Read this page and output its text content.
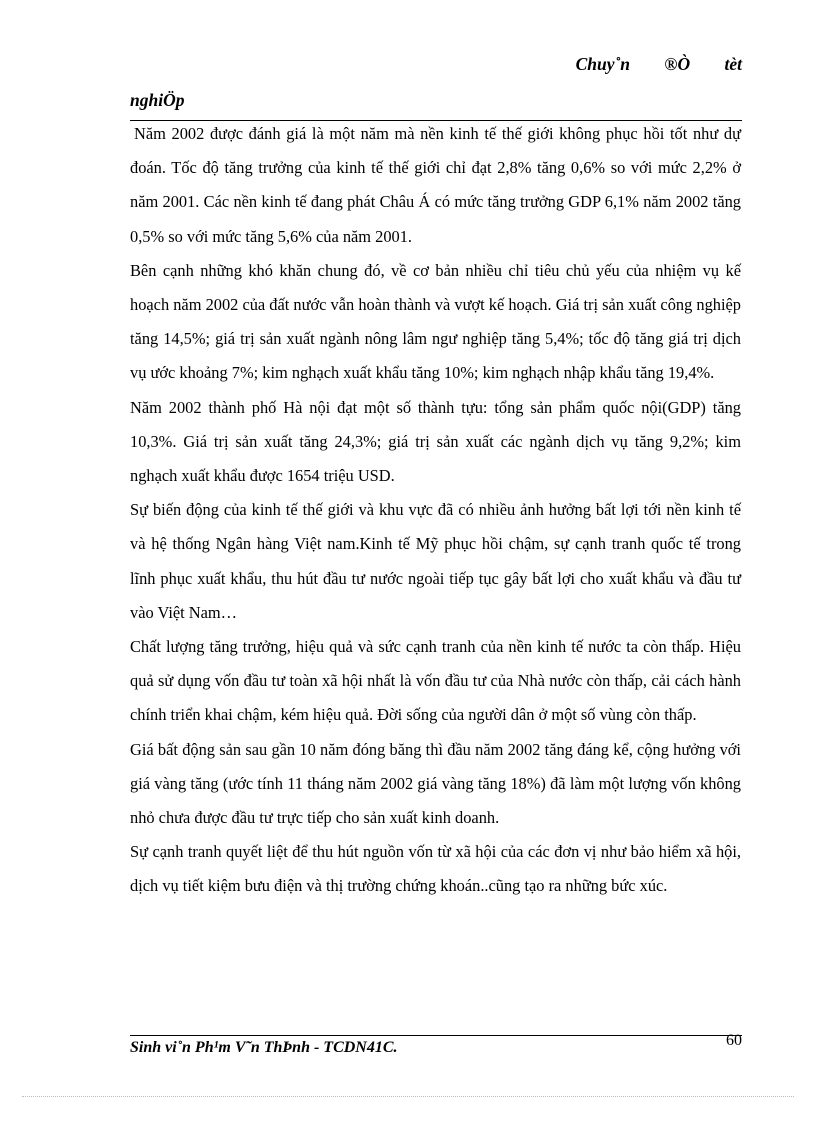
Chuy˚n ®Ò tèt
nghiÖp

Năm 2002 được đánh giá là một năm mà nền kinh tế thế giới không phục hồi tốt như dự đoán. Tốc độ tăng trưởng của kinh tế thế giới chỉ đạt 2,8% tăng 0,6% so với mức 2,2% ở năm 2001. Các nền kinh tế đang phát Châu Á có mức tăng trưởng GDP 6,1% năm 2002 tăng 0,5% so với mức tăng 5,6% của năm 2001.

Bên cạnh những khó khăn chung đó, về cơ bản nhiều chỉ tiêu chủ yếu của nhiệm vụ kế hoạch năm 2002 của đất nước vẫn hoàn thành và vượt kế hoạch. Giá trị sản xuất công nghiệp tăng 14,5%; giá trị sản xuất ngành nông lâm ngư nghiệp tăng 5,4%; tốc độ tăng giá trị dịch vụ ước khoảng 7%; kim nghạch xuất khẩu tăng 10%; kim nghạch nhập khẩu tăng 19,4%.

Năm 2002 thành phố Hà nội đạt một số thành tựu: tổng sản phẩm quốc nội(GDP) tăng 10,3%. Giá trị sản xuất tăng 24,3%; giá trị sản xuất các ngành dịch vụ tăng 9,2%; kim nghạch xuất khẩu được 1654 triệu USD.

Sự biến động của kinh tế thế giới và khu vực đã có nhiều ảnh hưởng bất lợi tới nền kinh tế và hệ thống Ngân hàng Việt nam.Kinh tế Mỹ phục hồi chậm, sự cạnh tranh quốc tế trong lĩnh phục xuất khẩu, thu hút đầu tư nước ngoài tiếp tục gây bất lợi cho xuất khẩu và đầu tư vào Việt Nam…

Chất lượng tăng trưởng, hiệu quả và sức cạnh tranh của nền kinh tế nước ta còn thấp. Hiệu quả sử dụng vốn đầu tư toàn xã hội nhất là vốn đầu tư của Nhà nước còn thấp, cải cách hành chính triển khai chậm, kém hiệu quả. Đời sống của người dân ở một số vùng còn thấp.

Giá bất động sản sau gần 10 năm đóng băng thì đầu năm 2002 tăng đáng kể, cộng hưởng với giá vàng tăng (ước tính 11 tháng năm 2002 giá vàng tăng 18%) đã làm một lượng vốn không nhỏ chưa được đầu tư trực tiếp cho sản xuất kinh doanh.

Sự cạnh tranh quyết liệt để thu hút nguồn vốn từ xã hội của các đơn vị như bảo hiểm xã hội, dịch vụ tiết kiệm bưu điện và thị trường chứng khoán..cũng tạo ra những bức xúc.

Sinh vi˚n Ph¹m V˜n ThÞnh - TCDN41C.	60
